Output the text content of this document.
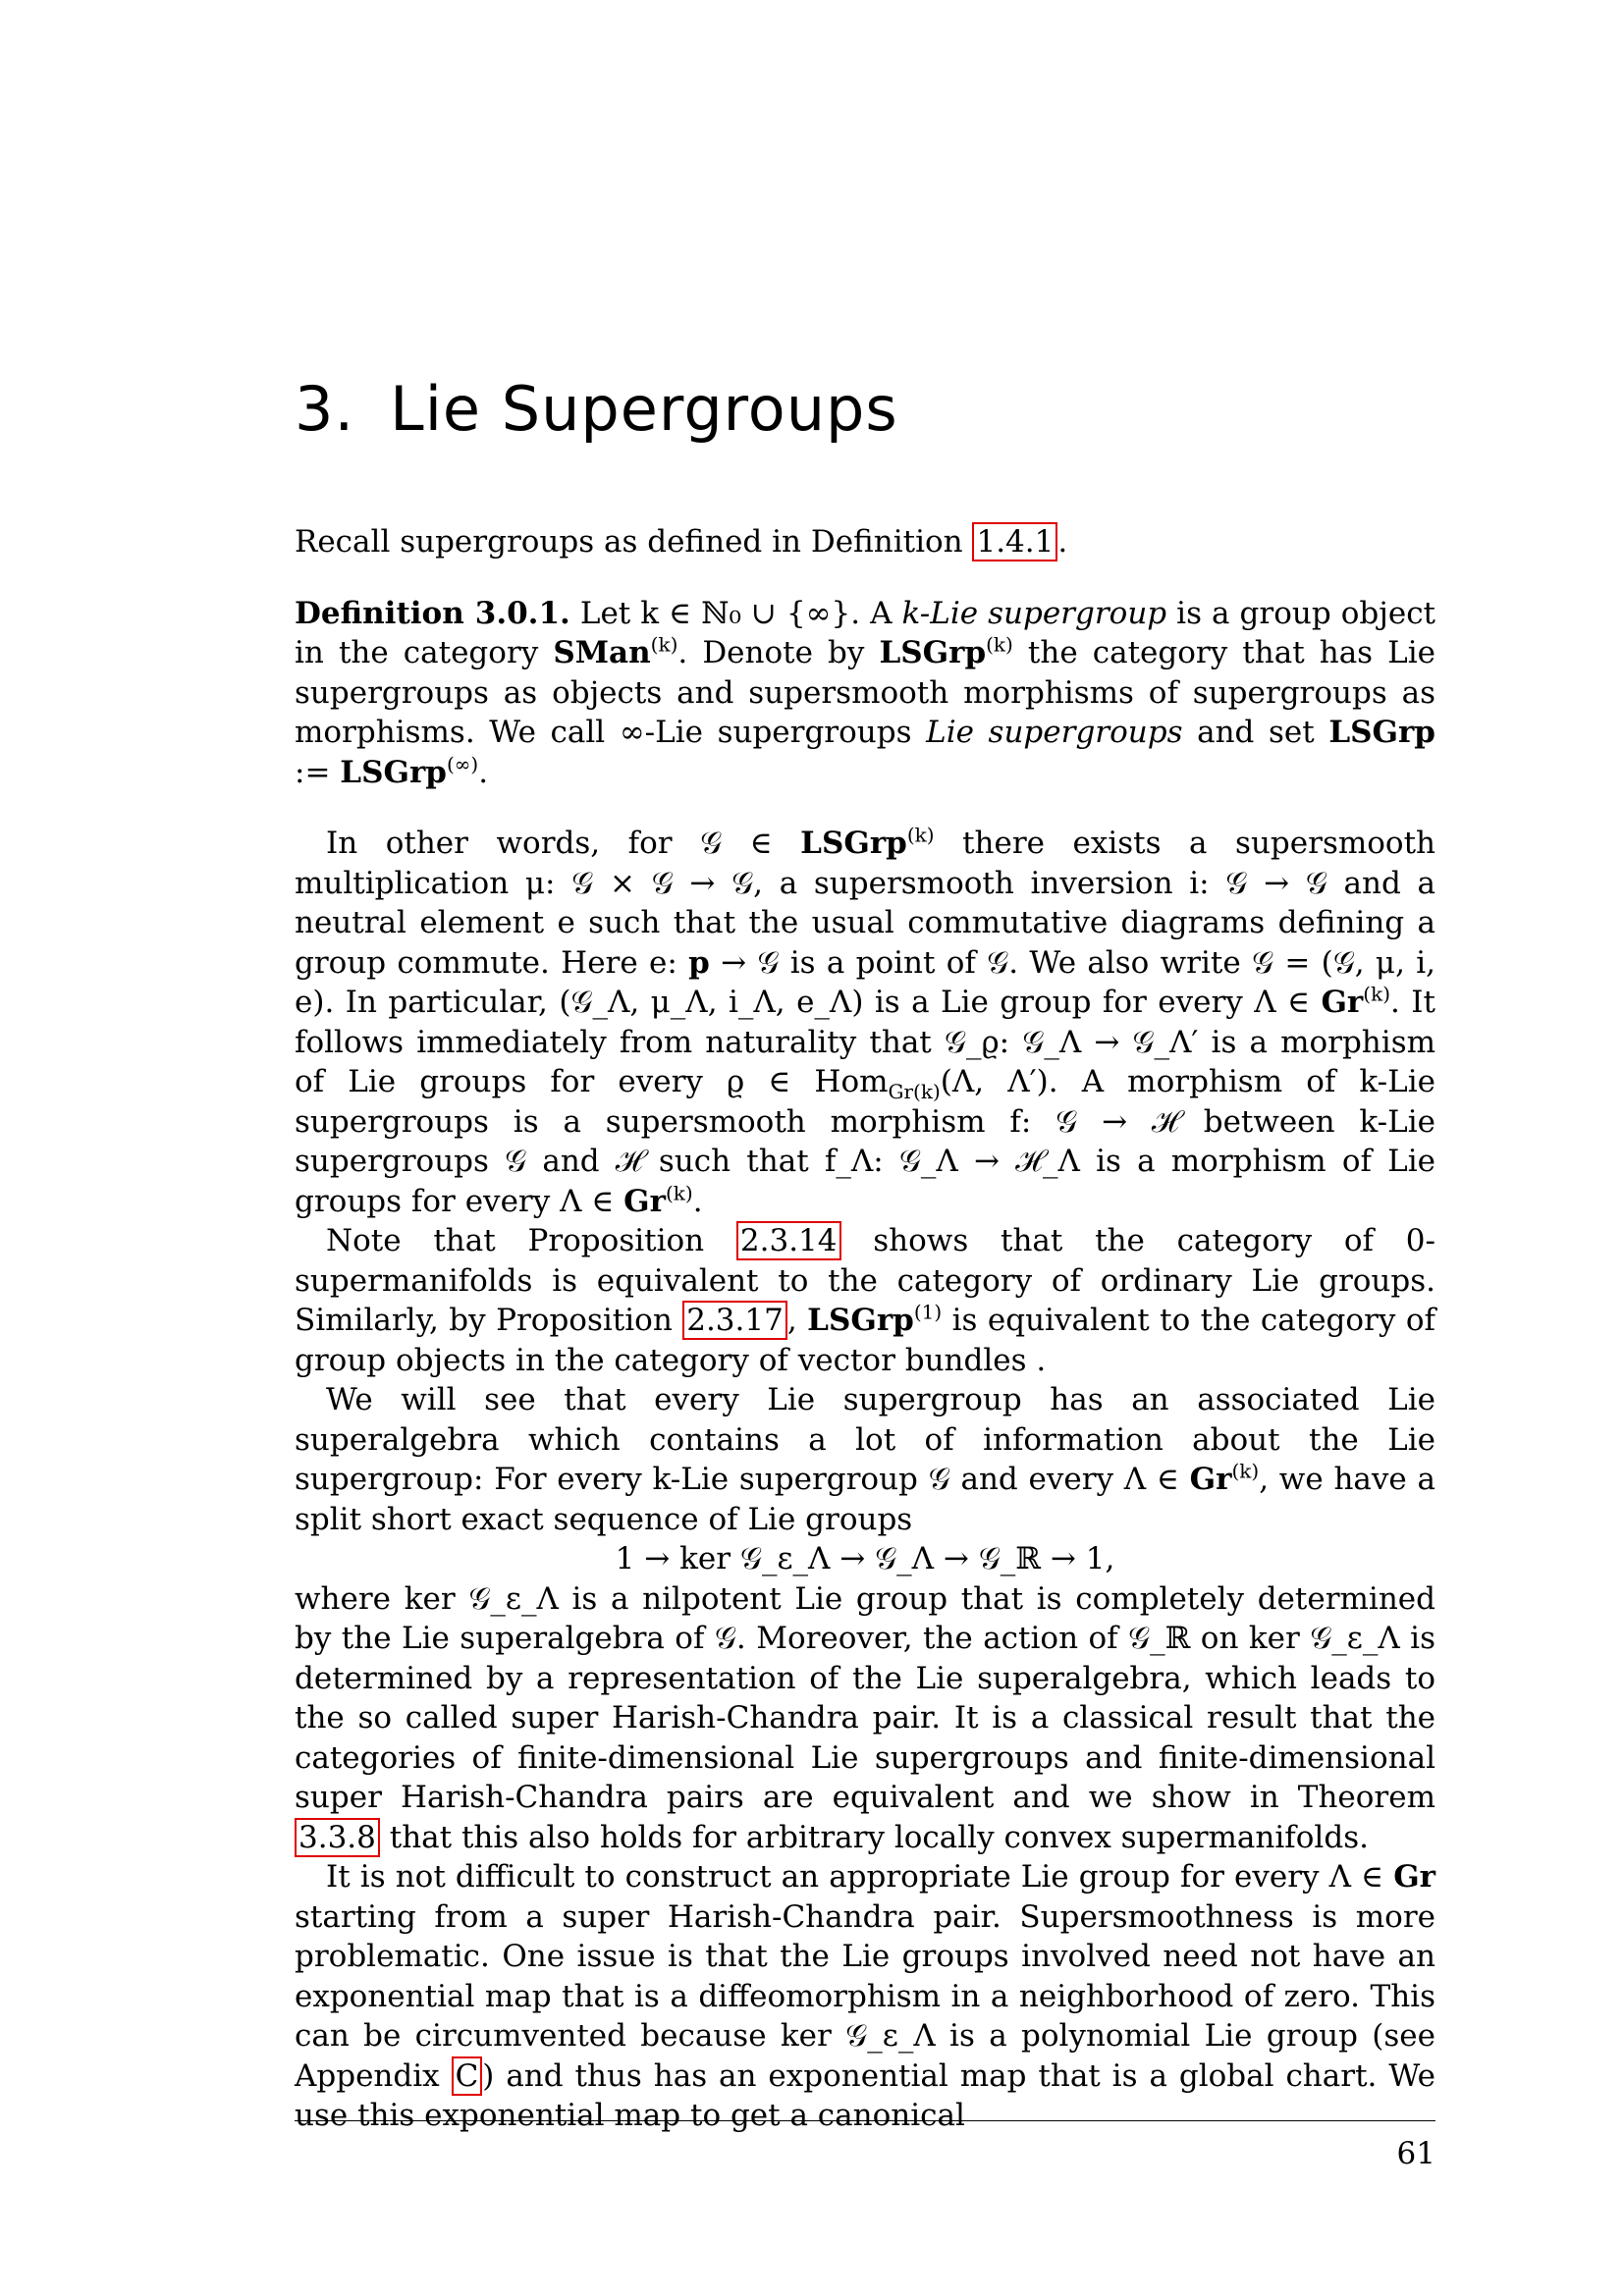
3. Lie Supergroups

Recall supergroups as defined in Definition 1.4.1 .

Definition 3.0.1. Let k ∈ ℕ₀ ∪ {∞}. A k-Lie supergroup is a group object in the category SMan$^{(k)}$. Denote by LSGrp$^{(k)}$ the category that has Lie supergroups as objects and supersmooth morphisms of supergroups as morphisms. We call ∞-Lie supergroups Lie supergroups and set LSGrp := LSGrp(∞).

In other words, for 𝒢 ∈ LSGrp$^{(k)}$ there exists a supersmooth multiplication μ: 𝒢 × 𝒢 → 𝒢, a supersmooth inversion i: 𝒢 → 𝒢 and a neutral element e such that the usual commutative diagrams defining a group commute. Here e: p → 𝒢 is a point of 𝒢. We also write 𝒢 = (𝒢, μ, i, e). In particular, (𝒢_Λ, μ_Λ, i_Λ, e_Λ) is a Lie group for every Λ ∈ Gr$^{(k)}$. It follows immediately from naturality that 𝒢_ϱ: 𝒢_Λ → 𝒢_Λ′ is a morphism of Lie groups for every ϱ ∈ Hom$_{Gr(k)}$(Λ, Λ′). A morphism of k-Lie supergroups is a supersmooth morphism f: 𝒢 → ℋ between k-Lie supergroups 𝒢 and ℋ such that f_Λ: 𝒢_Λ → ℋ_Λ is a morphism of Lie groups for every Λ ∈ Gr$^{(k)}$.

Note that Proposition 2.3.14 shows that the category of 0-supermanifolds is equivalent to the category of ordinary Lie groups. Similarly, by Proposition 2.3.17 , LSGrp$^{(1)}$ is equivalent to the category of group objects in the category of vector bundles .

We will see that every Lie supergroup has an associated Lie superalgebra which contains a lot of information about the Lie supergroup: For every k-Lie supergroup 𝒢 and every Λ ∈ Gr$^{(k)}$, we have a split short exact sequence of Lie groups

1 → ker 𝒢_ε_Λ → 𝒢_Λ → 𝒢_ℝ → 1,

where ker 𝒢_ε_Λ is a nilpotent Lie group that is completely determined by the Lie superalgebra of 𝒢. Moreover, the action of 𝒢_ℝ on ker 𝒢_ε_Λ is determined by a representation of the Lie superalgebra, which leads to the so called super Harish-Chandra pair. It is a classical result that the categories of finite-dimensional Lie supergroups and finite-dimensional super Harish-Chandra pairs are equivalent and we show in Theorem 3.3.8 that this also holds for arbitrary locally convex supermanifolds.

It is not difficult to construct an appropriate Lie group for every Λ ∈ Gr starting from a super Harish-Chandra pair. Supersmoothness is more problematic. One issue is that the Lie groups involved need not have an exponential map that is a diffeomorphism in a neighborhood of zero. This can be circumvented because ker 𝒢_ε_Λ is a polynomial Lie group (see Appendix C ) and thus has an exponential map that is a global chart. We use this exponential map to get a canonical

61
